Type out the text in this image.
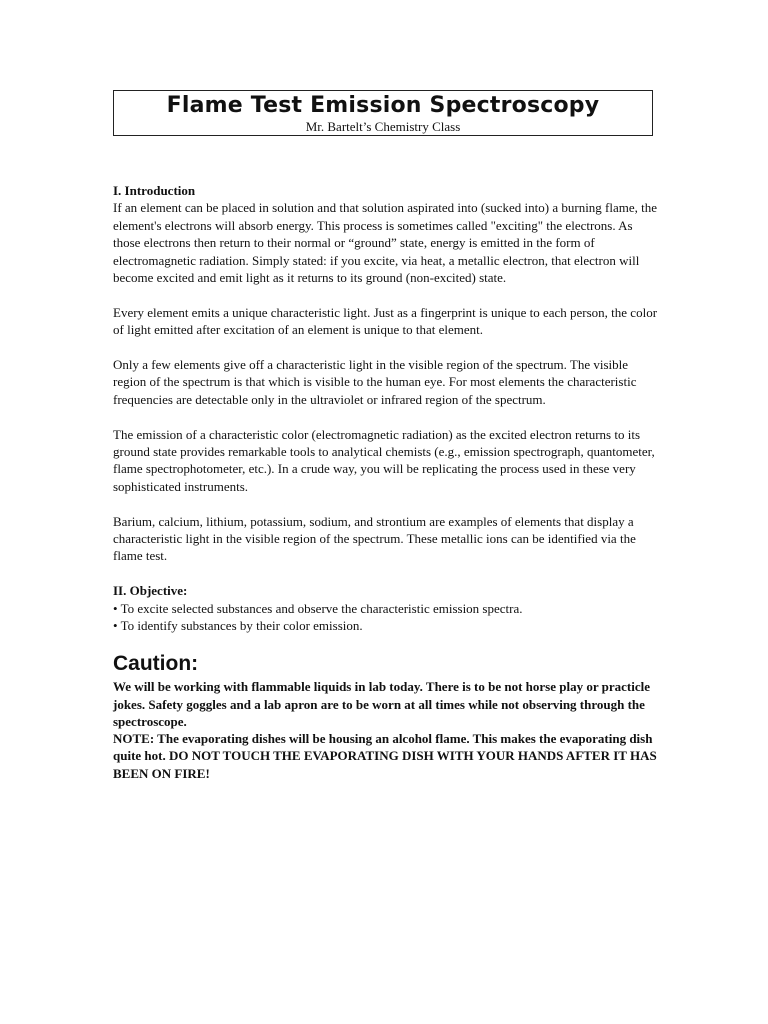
Flame Test Emission Spectroscopy
Mr. Bartelt’s Chemistry Class

I. Introduction

If an element can be placed in solution and that solution aspirated into (sucked into) a burning flame, the element's electrons will absorb energy. This process is sometimes called "exciting" the electrons. As those electrons then return to their normal or “ground” state, energy is emitted in the form of electromagnetic radiation. Simply stated: if you excite, via heat, a metallic electron, that electron will become excited and emit light as it returns to its ground (non-excited) state.

Every element emits a unique characteristic light. Just as a fingerprint is unique to each person, the color of light emitted after excitation of an element is unique to that element.

Only a few elements give off a characteristic light in the visible region of the spectrum. The visible region of the spectrum is that which is visible to the human eye. For most elements the characteristic frequencies are detectable only in the ultraviolet or infrared region of the spectrum.

The emission of a characteristic color (electromagnetic radiation) as the excited electron returns to its ground state provides remarkable tools to analytical chemists (e.g., emission spectrograph, quantometer, flame spectrophotometer, etc.). In a crude way, you will be replicating the process used in these very sophisticated instruments.

Barium, calcium, lithium, potassium, sodium, and strontium are examples of elements that display a characteristic light in the visible region of the spectrum. These metallic ions can be identified via the flame test.

II. Objective:

• To excite selected substances and observe the characteristic emission spectra.
• To identify substances by their color emission.

Caution:

We will be working with flammable liquids in lab today. There is to be not horse play or practicle jokes. Safety goggles and a lab apron are to be worn at all times while not observing through the spectroscope.

NOTE: The evaporating dishes will be housing an alcohol flame. This makes the evaporating dish quite hot. DO NOT TOUCH THE EVAPORATING DISH WITH YOUR HANDS AFTER IT HAS BEEN ON FIRE!
